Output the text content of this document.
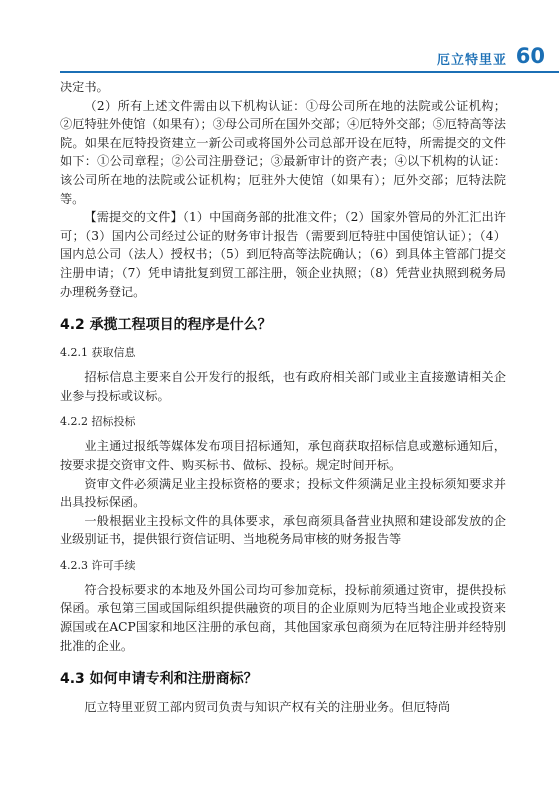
厄立特里亚 60

决定书。

（2）所有上述文件需由以下机构认证：①母公司所在地的法院或公证机构；②厄特驻外使馆（如果有）；③母公司所在国外交部；④厄特外交部；⑤厄特高等法院。如果在厄特投资建立一新公司或将国外公司总部开设在厄特，所需提交的文件如下：①公司章程；②公司注册登记；③最新审计的资产表；④以下机构的认证：该公司所在地的法院或公证机构；厄驻外大使馆（如果有）；厄外交部；厄特法院等。

【需提交的文件】（1）中国商务部的批准文件；（2）国家外管局的外汇汇出许可；（3）国内公司经过公证的财务审计报告（需要到厄特驻中国使馆认证）；（4）国内总公司（法人）授权书；（5）到厄特高等法院确认；（6）到具体主管部门提交注册申请；（7）凭申请批复到贸工部注册，领企业执照；（8）凭营业执照到税务局办理税务登记。

4.2 承揽工程项目的程序是什么？
4.2.1 获取信息

招标信息主要来自公开发行的报纸，也有政府相关部门或业主直接邀请相关企业参与投标或议标。

4.2.2 招标投标

业主通过报纸等媒体发布项目招标通知，承包商获取招标信息或邀标通知后，按要求提交资审文件、购买标书、做标、投标。规定时间开标。

资审文件必须满足业主投标资格的要求；投标文件须满足业主投标须知要求并出具投标保函。

一般根据业主投标文件的具体要求，承包商须具备营业执照和建设部发放的企业级别证书，提供银行资信证明、当地税务局审核的财务报告等

4.2.3 许可手续

符合投标要求的本地及外国公司均可参加竞标，投标前须通过资审，提供投标保函。承包第三国或国际组织提供融资的项目的企业原则为厄特当地企业或投资来源国或在ACP国家和地区注册的承包商，其他国家承包商须为在厄特注册并经特别批准的企业。

4.3 如何申请专利和注册商标？

厄立特里亚贸工部内贸司负责与知识产权有关的注册业务。但厄特尚
